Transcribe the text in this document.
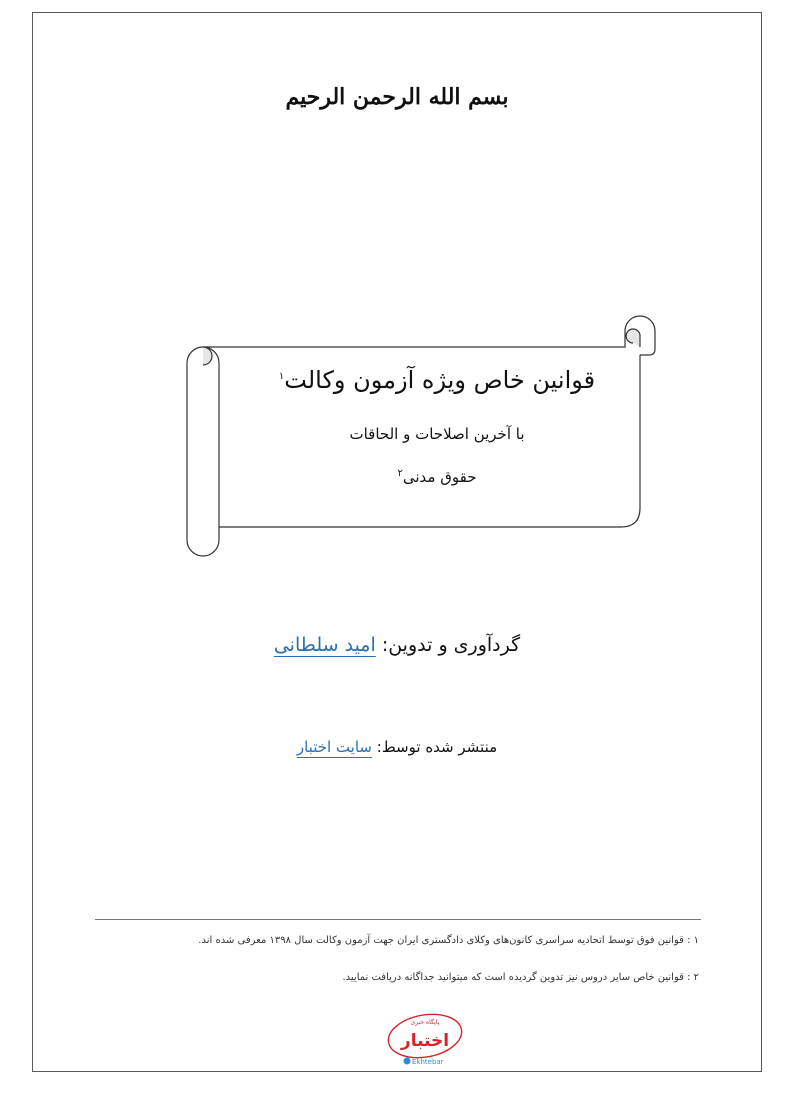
بسم الله الرحمن الرحیم
قوانین خاص ویژه آزمون وکالت$^۱$
با آخرین اصلاحات و الحاقات
حقوق مدنی$^۲$
گردآوری و تدوین: امید سلطانی
منتشر شده توسط: سایت اختبار
۱ : قوانین فوق توسط اتحادیه سراسری کانون‌های وکلای دادگستری ایران جهت آزمون وکالت سال ۱۳۹۸ معرفی شده اند.
۲ : قوانین خاص سایر دروس نیز تدوین گردیده است که میتوانید جداگانه دریافت نمایید.
پایگاه خبری
اختبار
Ekhtebar
